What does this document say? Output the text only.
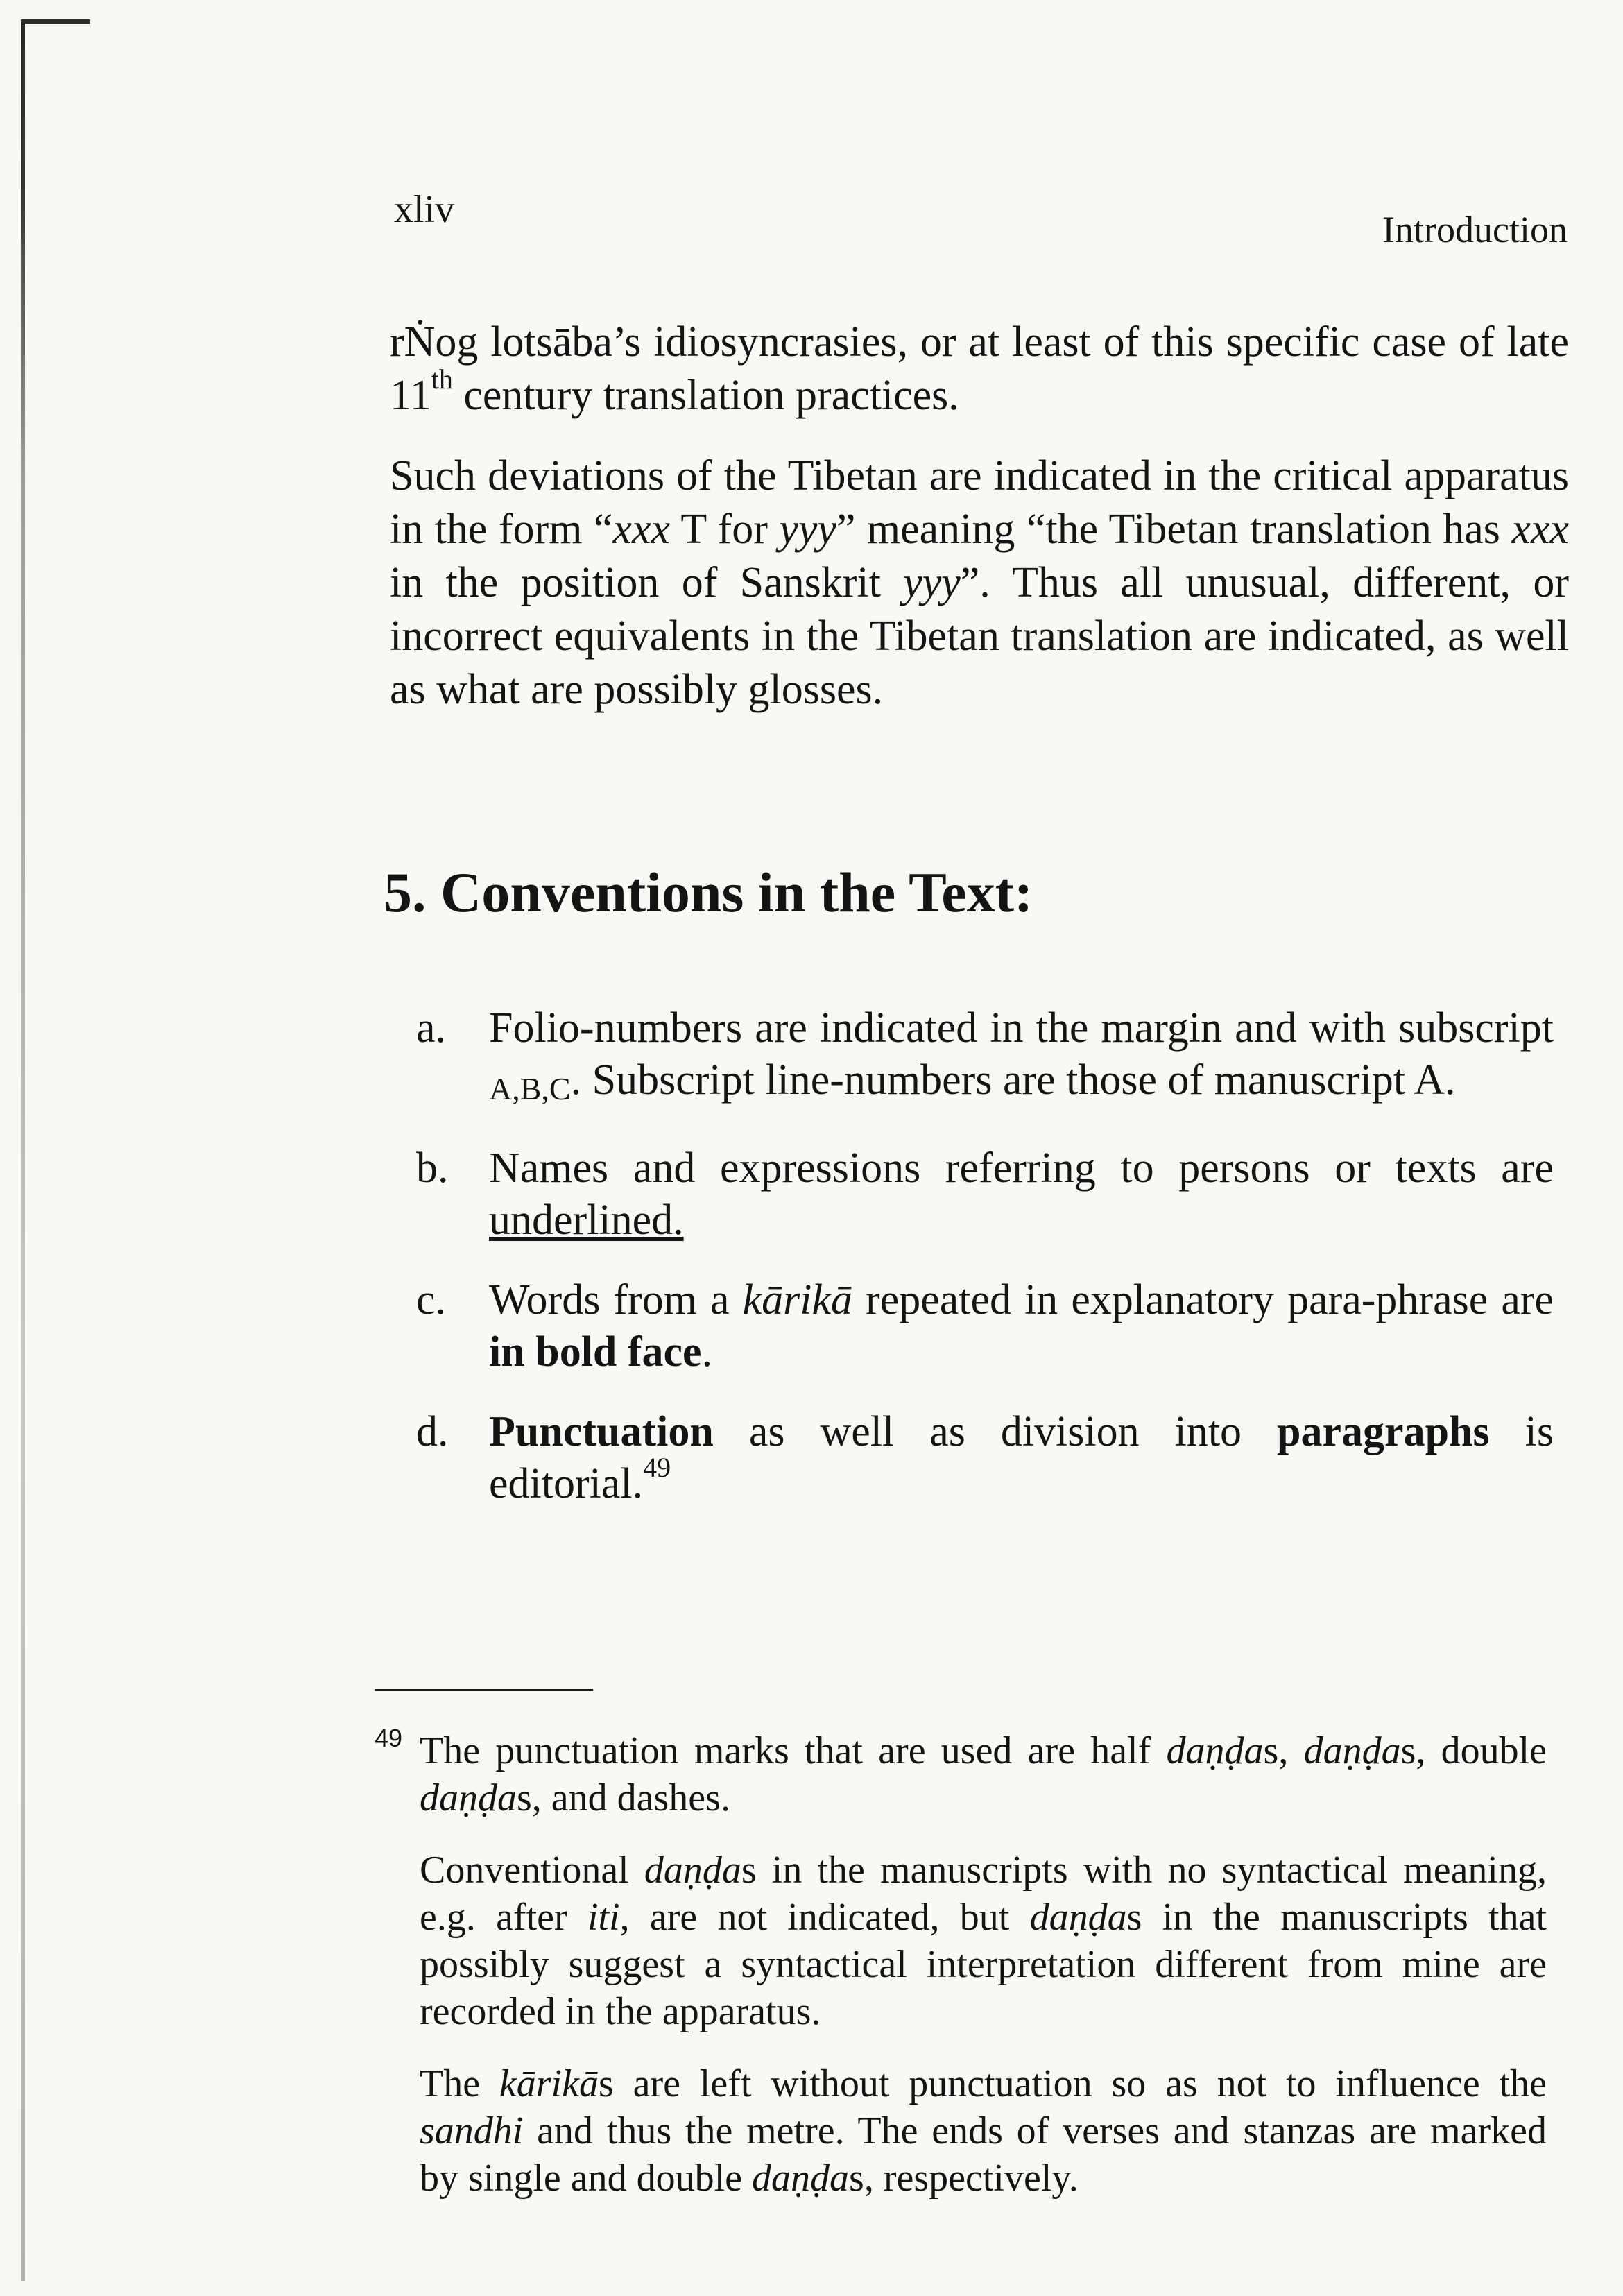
xliv	Introduction

rṄog lotsāba’s idiosyncrasies, or at least of this specific case of late 11th century translation practices.

Such deviations of the Tibetan are indicated in the critical apparatus in the form “xxx T for yyy” meaning “the Tibetan translation has xxx in the position of Sanskrit yyy”. Thus all unusual, different, or incorrect equivalents in the Tibetan translation are indicated, as well as what are possibly glosses.

5. Conventions in the Text:
a. Folio-numbers are indicated in the margin and with subscript A,B,C. Subscript line-numbers are those of manuscript A.
b. Names and expressions referring to persons or texts are underlined.
c. Words from a kārikā repeated in explanatory para-phrase are in bold face.
d. Punctuation as well as division into paragraphs is editorial.$^{49}$
49 The punctuation marks that are used are half daṇḍas, daṇḍas, double daṇḍas, and dashes.
Conventional daṇḍas in the manuscripts with no syntactical meaning, e.g. after iti, are not indicated, but daṇḍas in the manuscripts that possibly suggest a syntactical interpretation different from mine are recorded in the apparatus.
The kārikās are left without punctuation so as not to influence the sandhi and thus the metre. The ends of verses and stanzas are marked by single and double daṇḍas, respectively.
